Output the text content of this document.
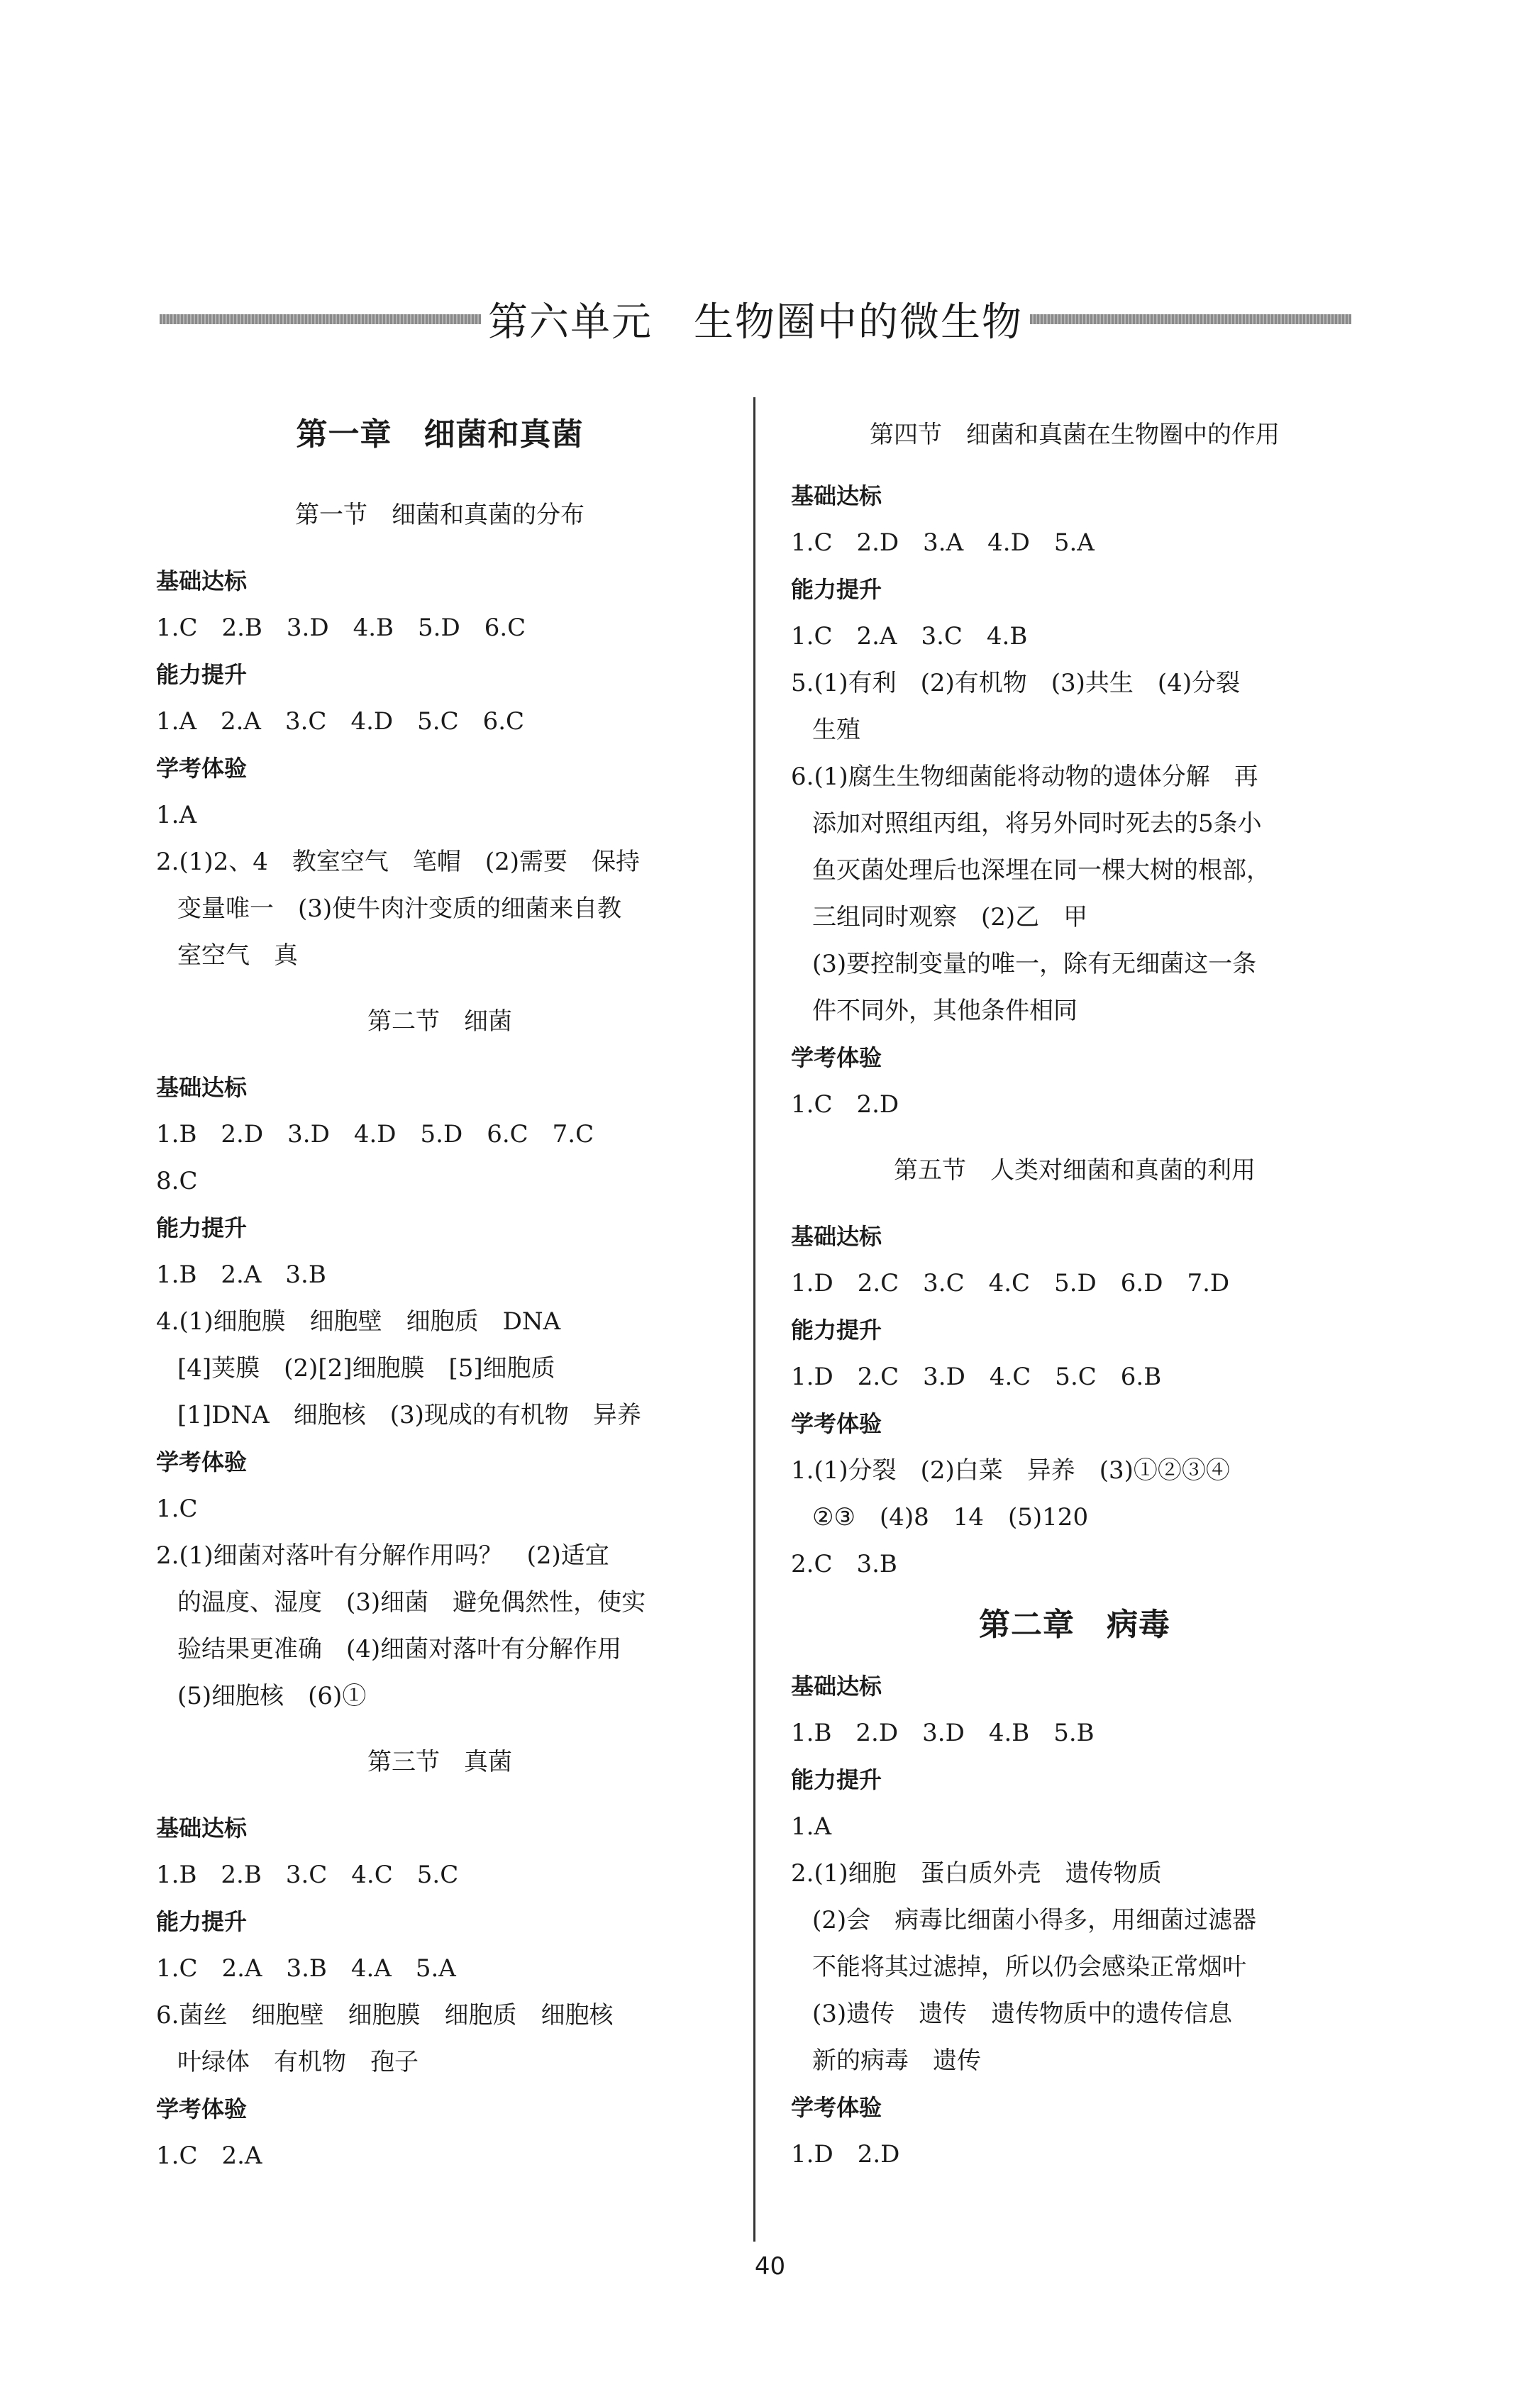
第六单元　生物圈中的微生物
第一章　细菌和真菌
第一节　细菌和真菌的分布
基础达标
1.C　2.B　3.D　4.B　5.D　6.C
能力提升
1.A　2.A　3.C　4.D　5.C　6.C
学考体验
1.A
2.(1)2、4　教室空气　笔帽　(2)需要　保持
变量唯一　(3)使牛肉汁变质的细菌来自教
室空气　真
第二节　细菌
基础达标
1.B　2.D　3.D　4.D　5.D　6.C　7.C
8.C
能力提升
1.B　2.A　3.B
4.(1)细胞膜　细胞壁　细胞质　DNA
[4]荚膜　(2)[2]细胞膜　[5]细胞质
[1]DNA　细胞核　(3)现成的有机物　异养
学考体验
1.C
2.(1)细菌对落叶有分解作用吗？　(2)适宜
的温度、湿度　(3)细菌　避免偶然性，使实
验结果更准确　(4)细菌对落叶有分解作用
(5)细胞核　(6)①
第三节　真菌
基础达标
1.B　2.B　3.C　4.C　5.C
能力提升
1.C　2.A　3.B　4.A　5.A
6.菌丝　细胞壁　细胞膜　细胞质　细胞核
叶绿体　有机物　孢子
学考体验
1.C　2.A
第四节　细菌和真菌在生物圈中的作用
基础达标
1.C　2.D　3.A　4.D　5.A
能力提升
1.C　2.A　3.C　4.B
5.(1)有利　(2)有机物　(3)共生　(4)分裂
生殖
6.(1)腐生生物细菌能将动物的遗体分解　再
添加对照组丙组，将另外同时死去的5条小
鱼灭菌处理后也深埋在同一棵大树的根部，
三组同时观察　(2)乙　甲
(3)要控制变量的唯一，除有无细菌这一条
件不同外，其他条件相同
学考体验
1.C　2.D
第五节　人类对细菌和真菌的利用
基础达标
1.D　2.C　3.C　4.C　5.D　6.D　7.D
能力提升
1.D　2.C　3.D　4.C　5.C　6.B
学考体验
1.(1)分裂　(2)白菜　异养　(3)①②③④
②③　(4)8　14　(5)120
2.C　3.B
第二章　病毒
基础达标
1.B　2.D　3.D　4.B　5.B
能力提升
1.A
2.(1)细胞　蛋白质外壳　遗传物质
(2)会　病毒比细菌小得多，用细菌过滤器
不能将其过滤掉，所以仍会感染正常烟叶
(3)遗传　遗传　遗传物质中的遗传信息
新的病毒　遗传
学考体验
1.D　2.D
40
